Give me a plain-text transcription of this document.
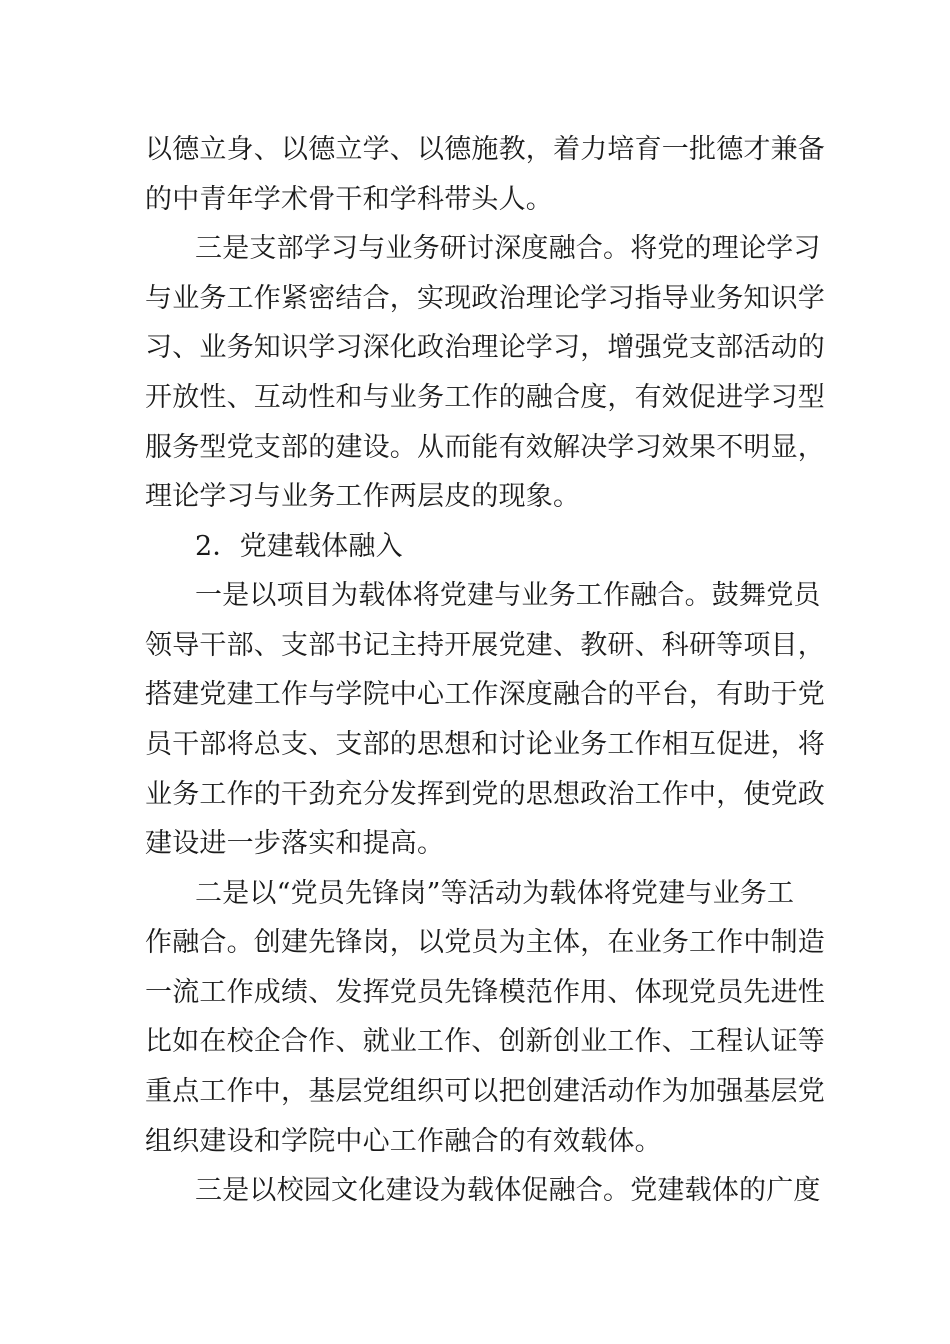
以德立身、以德立学、以德施教，着力培育一批德才兼备
的中青年学术骨干和学科带头人。
三是支部学习与业务研讨深度融合。将党的理论学习
与业务工作紧密结合，实现政治理论学习指导业务知识学
习、业务知识学习深化政治理论学习，增强党支部活动的
开放性、互动性和与业务工作的融合度，有效促进学习型
服务型党支部的建设。从而能有效解决学习效果不明显，
理论学习与业务工作两层皮的现象。
2．党建载体融入
一是以项目为载体将党建与业务工作融合。鼓舞党员
领导干部、支部书记主持开展党建、教研、科研等项目，
搭建党建工作与学院中心工作深度融合的平台，有助于党
员干部将总支、支部的思想和讨论业务工作相互促进，将
业务工作的干劲充分发挥到党的思想政治工作中，使党政
建设进一步落实和提高。
二是以“党员先锋岗”等活动为载体将党建与业务工
作融合。创建先锋岗，以党员为主体，在业务工作中制造
一流工作成绩、发挥党员先锋模范作用、体现党员先进性
比如在校企合作、就业工作、创新创业工作、工程认证等
重点工作中，基层党组织可以把创建活动作为加强基层党
组织建设和学院中心工作融合的有效载体。
三是以校园文化建设为载体促融合。党建载体的广度
